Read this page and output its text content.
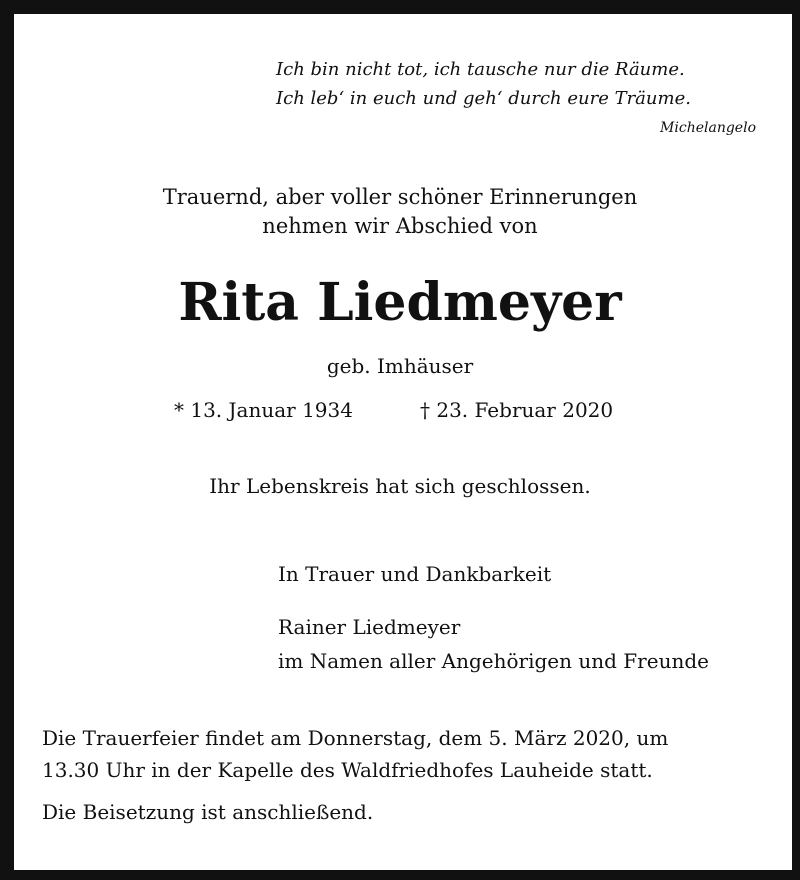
Ich bin nicht tot, ich tausche nur die Räume.
Ich leb‘ in euch und geh‘ durch eure Träume.
Michelangelo
Trauernd, aber voller schöner Erinnerungen
nehmen wir Abschied von
Rita Liedmeyer
geb. Imhäuser
* 13. Januar 1934	† 23. Februar 2020
Ihr Lebenskreis hat sich geschlossen.
In Trauer und Dankbarkeit
Rainer Liedmeyer
im Namen aller Angehörigen und Freunde
Die Trauerfeier findet am Donnerstag, dem 5. März 2020, um
13.30 Uhr in der Kapelle des Waldfriedhofes Lauheide statt.
Die Beisetzung ist anschließend.
